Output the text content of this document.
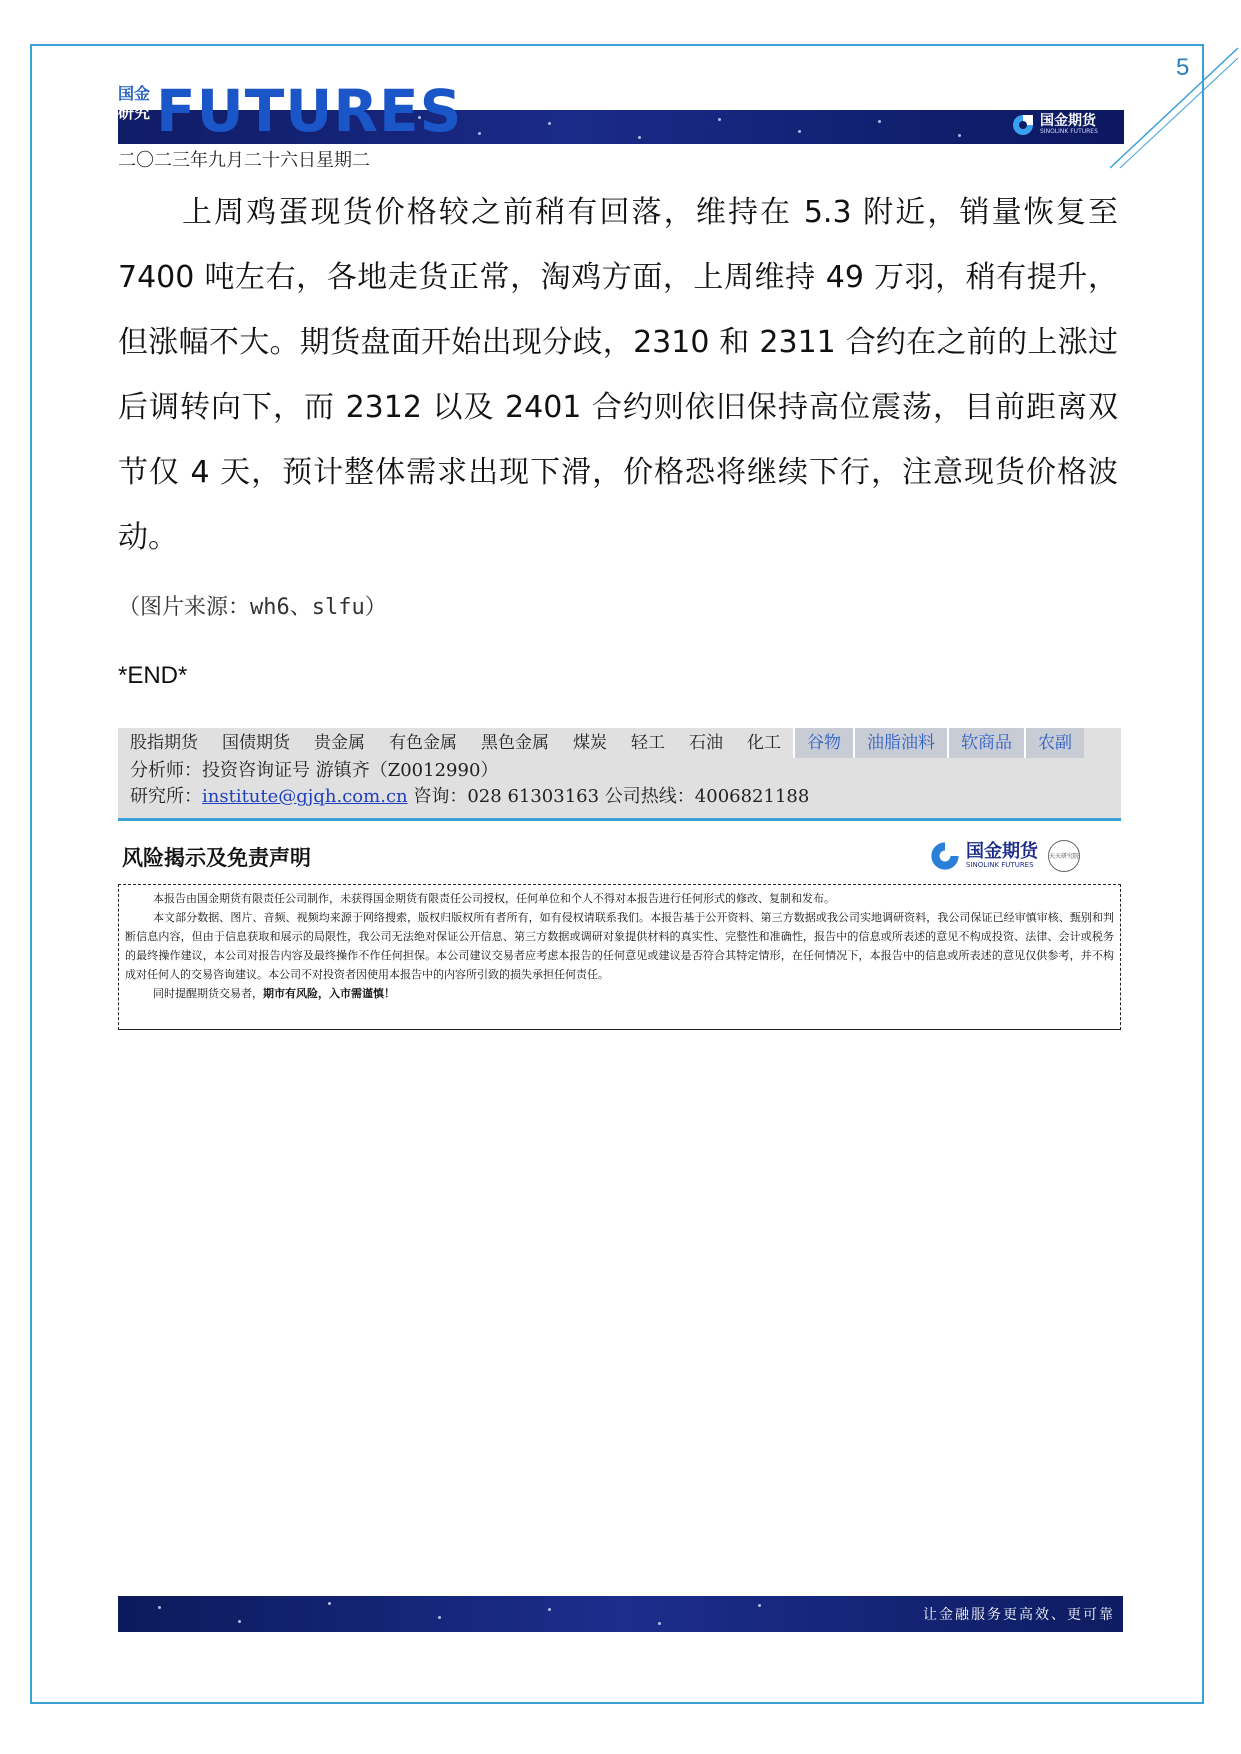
5
国金
研究 FUTURES	国金期货
SINOLINK FUTURES
二〇二三年九月二十六日星期二
上周鸡蛋现货价格较之前稍有回落，维持在 5.3 附近，销量恢复至 7400 吨左右，各地走货正常，淘鸡方面，上周维持 49 万羽，稍有提升，但涨幅不大。期货盘面开始出现分歧，2310 和 2311 合约在之前的上涨过后调转向下，而 2312 以及 2401 合约则依旧保持高位震荡，目前距离双节仅 4 天，预计整体需求出现下滑，价格恐将继续下行，注意现货价格波动。
（图片来源：wh6、slfu）
*END*
股指期货	国债期货	贵金属	有色金属	黑色金属	煤炭	轻工	石油	化工	谷物	油脂油料	软商品	农副
分析师：投资咨询证号 游镇齐（Z0012990）
研究所：institute@gjqh.com.cn 咨询：028 61303163 公司热线：4006821188
风险揭示及免责声明	国金期货
SINOLINK FUTURES
天天研究院

本报告由国金期货有限责任公司制作，未获得国金期货有限责任公司授权，任何单位和个人不得对本报告进行任何形式的修改、复制和发布。

本文部分数据、图片、音频、视频均来源于网络搜索，版权归版权所有者所有，如有侵权请联系我们。本报告基于公开资料、第三方数据或我公司实地调研资料，我公司保证已经审慎审核、甄别和判断信息内容，但由于信息获取和展示的局限性，我公司无法绝对保证公开信息、第三方数据或调研对象提供材料的真实性、完整性和准确性，报告中的信息或所表述的意见不构成投资、法律、会计或税务的最终操作建议，本公司对报告内容及最终操作不作任何担保。本公司建议交易者应考虑本报告的任何意见或建议是否符合其特定情形，在任何情况下，本报告中的信息或所表述的意见仅供参考，并不构成对任何人的交易咨询建议。本公司不对投资者因使用本报告中的内容所引致的损失承担任何责任。

同时提醒期货交易者，期市有风险，入市需谨慎！

让金融服务更高效、更可靠
